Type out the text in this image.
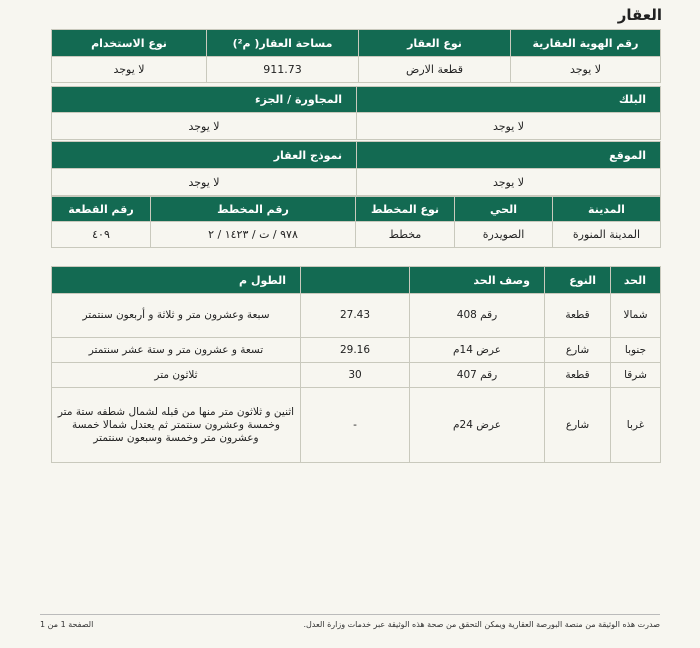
العقار
رقم الهوية العقارية	نوع العقار	مساحة العقار( م²)	نوع الاستخدام
لا يوجد	قطعة الارض	911.73	لا يوجد
البلك	المجاورة / الجزء
لا يوجد	لا يوجد
الموقع	نموذج العقار
لا يوجد	لا يوجد
المدينة	الحي	نوع المخطط	رقم المخطط	رقم القطعة
المدينة المنورة	الصويدرة	مخطط	٩٧٨ / ت / ١٤٢٣ / ٢	٤٠٩
الحد	النوع	وصف الحد		الطول م
شمالا	قطعة	رقم 408	27.43	سبعة وعشرون متر و ثلاثة و أربعون سنتمتر
جنوبا	شارع	عرض 14م	29.16	تسعة و عشرون متر و ستة عشر سنتمتر
شرقا	قطعة	رقم 407	30	ثلاثون متر
غربا	شارع	عرض 24م	-	اثنين و ثلاثون متر منها من قبله لشمال شطفه ستة متر وخمسة وعشرون سنتمتر ثم يعتدل شمالا خمسة وعشرون متر وخمسة وسبعون سنتمتر
صدرت هذه الوثيقة من منصة البورصة العقارية ويمكن التحقق من صحة هذه الوثيقة عبر خدمات وزارة العدل.
الصفحة 1 من 1
